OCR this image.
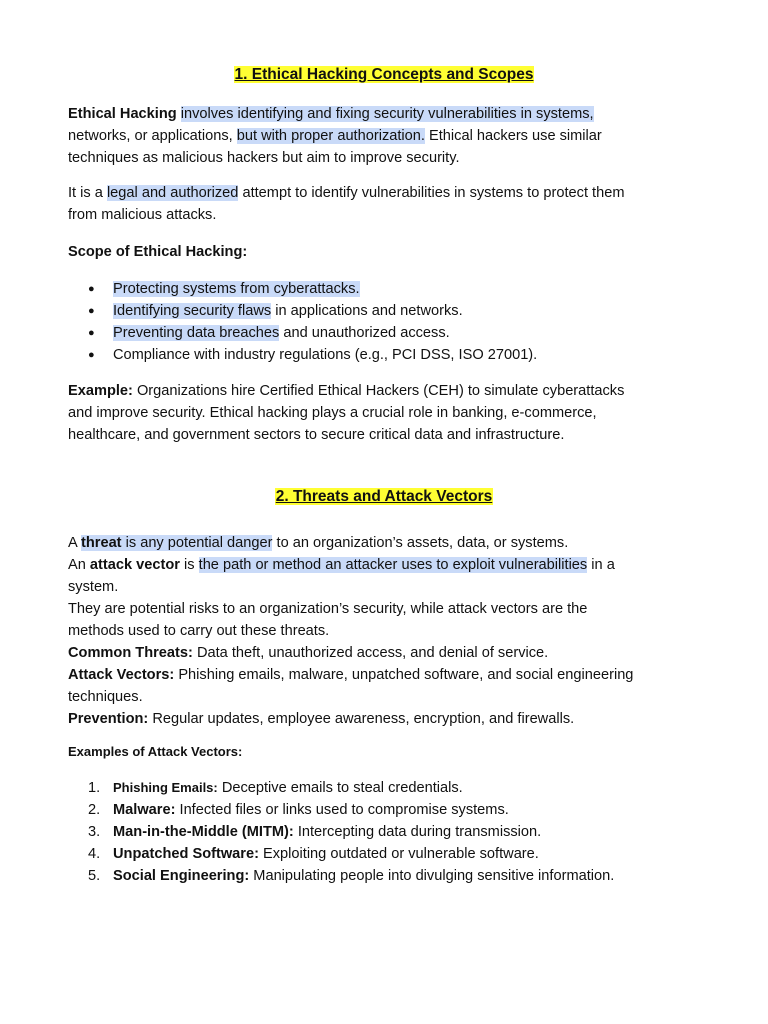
1. Ethical Hacking Concepts and Scopes

Ethical Hacking involves identifying and fixing security vulnerabilities in systems,
networks, or applications, but with proper authorization. Ethical hackers use similar
techniques as malicious hackers but aim to improve security.

It is a legal and authorized attempt to identify vulnerabilities in systems to protect them
from malicious attacks.

Scope of Ethical Hacking:

● Protecting systems from cyberattacks.
● Identifying security flaws in applications and networks.
● Preventing data breaches and unauthorized access.
● Compliance with industry regulations (e.g., PCI DSS, ISO 27001).

Example: Organizations hire Certified Ethical Hackers (CEH) to simulate cyberattacks
and improve security. Ethical hacking plays a crucial role in banking, e-commerce,
healthcare, and government sectors to secure critical data and infrastructure.

2. Threats and Attack Vectors

A threat is any potential danger to an organization’s assets, data, or systems.
An attack vector is the path or method an attacker uses to exploit vulnerabilities in a
system.
They are potential risks to an organization’s security, while attack vectors are the
methods used to carry out these threats.
Common Threats: Data theft, unauthorized access, and denial of service.
Attack Vectors: Phishing emails, malware, unpatched software, and social engineering
techniques.
Prevention: Regular updates, employee awareness, encryption, and firewalls.

Examples of Attack Vectors:

1. Phishing Emails: Deceptive emails to steal credentials.
2. Malware: Infected files or links used to compromise systems.
3. Man-in-the-Middle (MITM): Intercepting data during transmission.
4. Unpatched Software: Exploiting outdated or vulnerable software.
5. Social Engineering: Manipulating people into divulging sensitive information.
